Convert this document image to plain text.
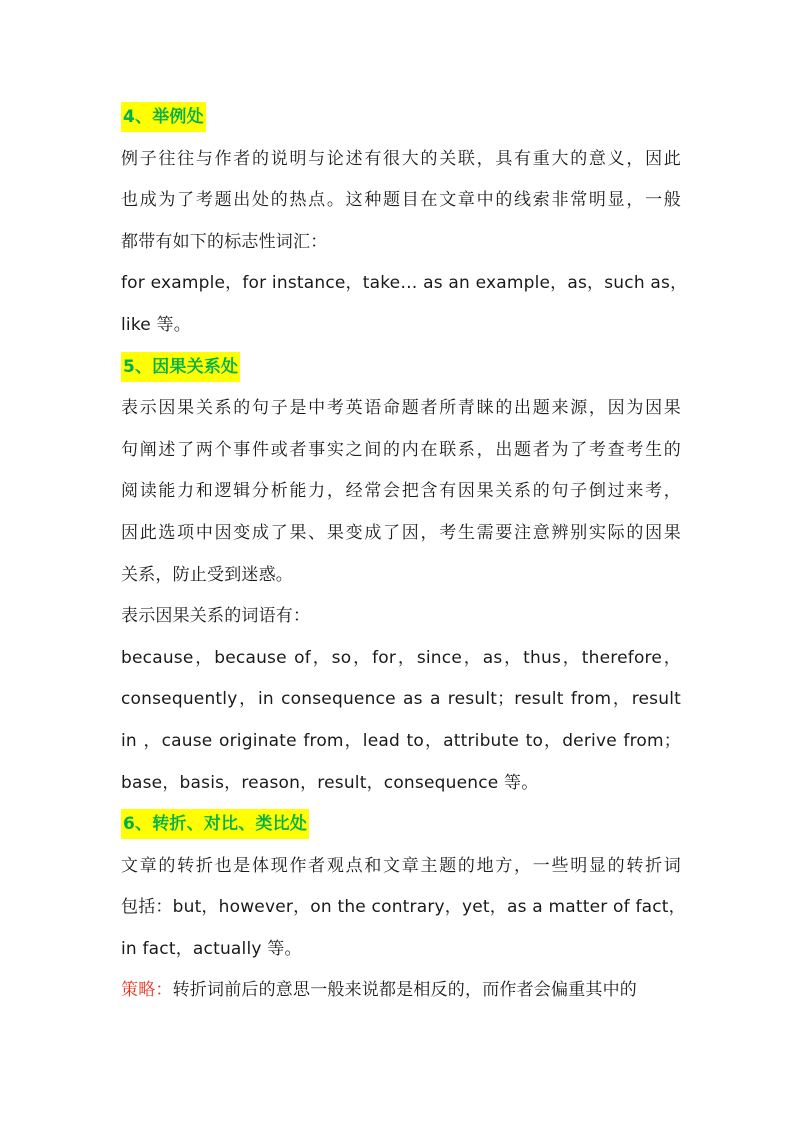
4、举例处
例子往往与作者的说明与论述有很大的关联，具有重大的意义，因此
也成为了考题出处的热点。这种题目在文章中的线索非常明显，一般
都带有如下的标志性词汇：
for example，for instance，take… as an example，as，such as，
like 等。
5、因果关系处
表示因果关系的句子是中考英语命题者所青睐的出题来源，因为因果
句阐述了两个事件或者事实之间的内在联系，出题者为了考查考生的
阅读能力和逻辑分析能力，经常会把含有因果关系的句子倒过来考，
因此选项中因变成了果、果变成了因，考生需要注意辨别实际的因果
关系，防止受到迷惑。
表示因果关系的词语有：
because，because of，so，for，since，as，thus，therefore，
consequently，in consequence as a result；result from，result
in ，cause originate from，lead to，attribute to，derive from；
base，basis，reason，result，consequence 等。
6、转折、对比、类比处
文章的转折也是体现作者观点和文章主题的地方，一些明显的转折词
包括：but，however，on the contrary，yet，as a matter of fact，
in fact，actually 等。
策略：转折词前后的意思一般来说都是相反的，而作者会偏重其中的
